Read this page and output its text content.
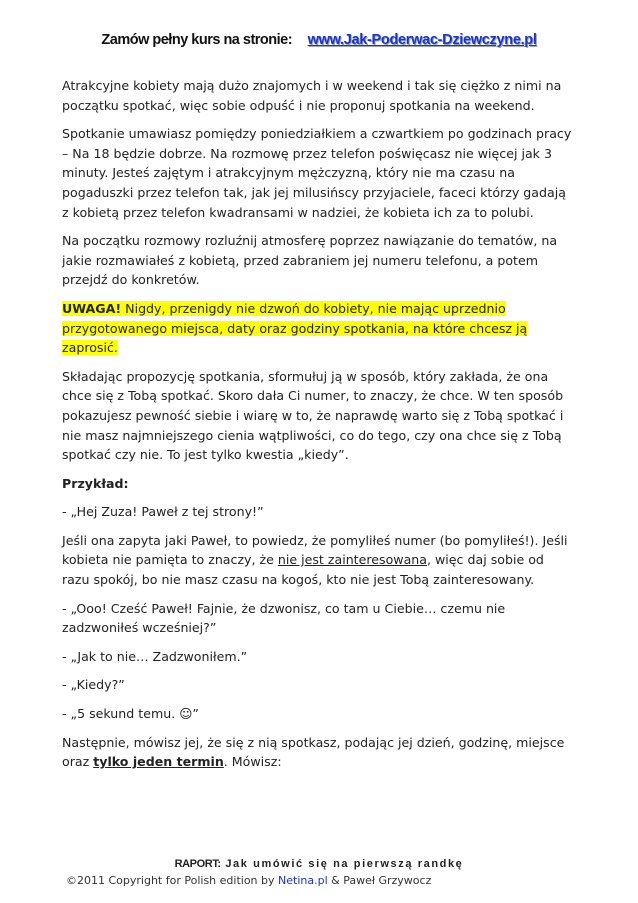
Zamów pełny kurs na stronie: www.Jak-Poderwac-Dziewczyne.pl

Atrakcyjne kobiety mają dużo znajomych i w weekend i tak się ciężko z nimi na początku spotkać, więc sobie odpuść i nie proponuj spotkania na weekend.

Spotkanie umawiasz pomiędzy poniedziałkiem a czwartkiem po godzinach pracy – Na 18 będzie dobrze. Na rozmowę przez telefon poświęcasz nie więcej jak 3 minuty. Jesteś zajętym i atrakcyjnym mężczyzną, który nie ma czasu na pogaduszki przez telefon tak, jak jej milusińscy przyjaciele, faceci którzy gadają z kobietą przez telefon kwadransami w nadziei, że kobieta ich za to polubi.

Na początku rozmowy rozluźnij atmosferę poprzez nawiązanie do tematów, na jakie rozmawiałeś z kobietą, przed zabraniem jej numeru telefonu, a potem przejdź do konkretów.

UWAGA! Nigdy, przenigdy nie dzwoń do kobiety, nie mając uprzednio przygotowanego miejsca, daty oraz godziny spotkania, na które chcesz ją zaprosić.

Składając propozycję spotkania, sformułuj ją w sposób, który zakłada, że ona chce się z Tobą spotkać. Skoro dała Ci numer, to znaczy, że chce. W ten sposób pokazujesz pewność siebie i wiarę w to, że naprawdę warto się z Tobą spotkać i nie masz najmniejszego cienia wątpliwości, co do tego, czy ona chce się z Tobą spotkać czy nie. To jest tylko kwestia „kiedy”.

Przykład:

- „Hej Zuza! Paweł z tej strony!”

Jeśli ona zapyta jaki Paweł, to powiedz, że pomyliłeś numer (bo pomyliłeś!). Jeśli kobieta nie pamięta to znaczy, że nie jest zainteresowana, więc daj sobie od razu spokój, bo nie masz czasu na kogoś, kto nie jest Tobą zainteresowany.

- „Ooo! Cześć Paweł! Fajnie, że dzwonisz, co tam u Ciebie… czemu nie zadzwoniłeś wcześniej?”

- „Jak to nie… Zadzwoniłem.”

- „Kiedy?”

- „5 sekund temu. ☺”

Następnie, mówisz jej, że się z nią spotkasz, podając jej dzień, godzinę, miejsce oraz tylko jeden termin. Mówisz:

RAPORT: Jak umówić się na pierwszą randkę
©2011 Copyright for Polish edition by Netina.pl & Paweł Grzywocz
